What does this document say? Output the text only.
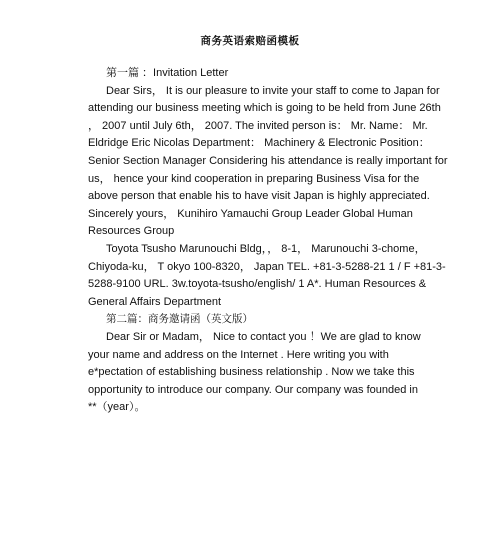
商务英语索赔函模板

第一篇 ：Invitation Letter

Dear Sirs， It is our pleasure to invite your staff to come to Japan for
attending our business meeting which is going to be held from June 26th
， 2007 until July 6th， 2007. The invited person is： Mr. Name： Mr.
Eldridge Eric Nicolas Department： Machinery & Electronic Position：
Senior Section Manager Considering his attendance is really important for
us， hence your kind cooperation in preparing Business Visa for the
above person that enable his to have visit Japan is highly appreciated.
Sincerely yours， Kunihiro Yamauchi Group Leader Global Human
Resources Group

Toyota Tsusho Marunouchi Bldg，， 8-1， Marunouchi 3-chome，
Chiyoda-ku， T okyo 100-8320， Japan TEL. +81-3-5288-21 1 / F +81-3-
5288-9100 URL. 3w.toyota-tsusho/english/ 1 A*. Human Resources &
General Affairs Department

第二篇：商务邀请函（英文版）

Dear Sir or Madam， Nice to contact you ！We are glad to know
your name and address on the Internet . Here writing you with
e*pectation of establishing business relationship . Now we take this
opportunity to introduce our company. Our company was founded in
**（year）。
